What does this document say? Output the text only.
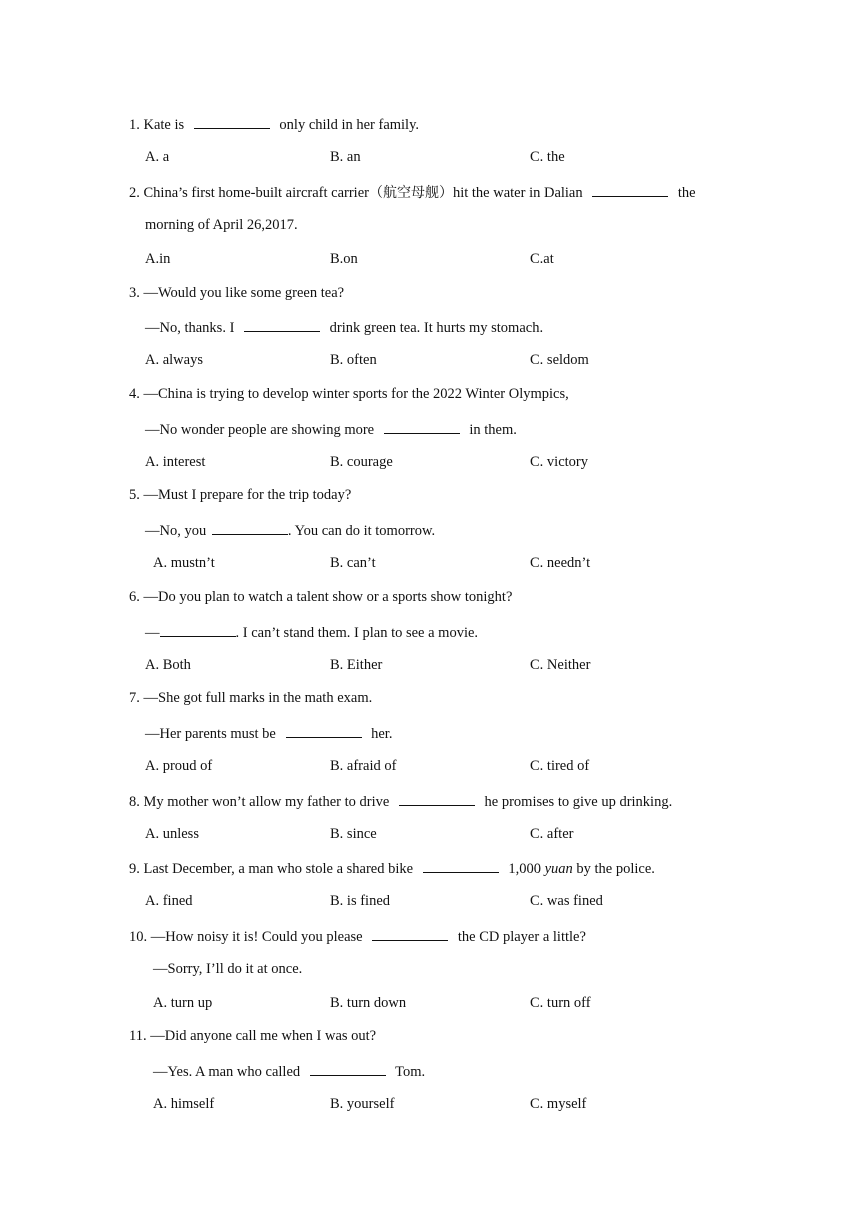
1. Kate is	only child in her family.
A. a	B. an	C. the
2. China’s first home-built aircraft carrier（航空母舰）hit the water in Dalian	the
morning of April 26,2017.
A.in	B.on	C.at
3. —Would you like some green tea?
—No, thanks. I	drink green tea. It hurts my stomach.
A. always	B. often	C. seldom
4. —China is trying to develop winter sports for the 2022 Winter Olympics,
—No wonder people are showing more	in them.
A. interest	B. courage	C. victory
5. —Must I prepare for the trip today?
―No, you	. You can do it tomorrow.
A. mustn’t	B. can’t	C. needn’t
6. —Do you plan to watch a talent show or a sports show tonight?
—	. I can’t stand them. I plan to see a movie.
A. Both	B. Either	C. Neither
7. —She got full marks in the math exam.
—Her parents must be	her.
A. proud of	B. afraid of	C. tired of
8. My mother won’t allow my father to drive	he promises to give up drinking.
A. unless	B. since	C. after
9. Last December, a man who stole a shared bike	1,000 yuan by the police.
A. fined	B. is fined	C. was fined
10. —How noisy it is! Could you please	the CD player a little?
—Sorry, I’ll do it at once.
A. turn up	B. turn down	C. turn off
11. —Did anyone call me when I was out?
—Yes. A man who called	Tom.
A. himself	B. yourself	C. myself
